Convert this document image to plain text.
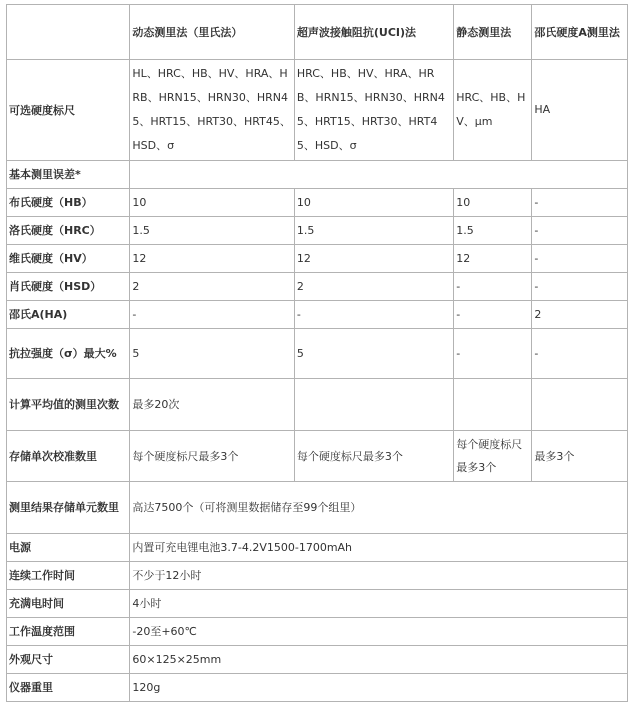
	动态测里法（里氏法）	超声波接触阻抗(UCI)法	静态测里法	邵氏硬度A测里法
可选硬度标尺	HL、HRC、HB、HV、HRA、HRB、HRN15、HRN30、HRN45、HRT15、HRT30、HRT45、HSD、σ	HRC、HB、HV、HRA、HRB、HRN15、HRN30、HRN45、HRT15、HRT30、HRT45、HSD、σ	HRC、HB、HV、μm	HA
基本测里误差*				
布氏硬度（HB）	10	10	10	-
洛氏硬度（HRC）	1.5	1.5	1.5	-
维氏硬度（HV）	12	12	12	-
肖氏硬度（HSD）	2	2	-	-
邵氏A(HA)	-	-	-	2
抗拉强度（σ）最大%	5	5	-	-
计算平均值的测里次数	最多20次			
存储单次校准数里	每个硬度标尺最多3个	每个硬度标尺最多3个	每个硬度标尺最多3个	最多3个
测里结果存储单元数里	高达7500个（可将测里数据储存至99个组里）			
电源	内置可充电锂电池3.7-4.2V1500-1700mAh			
连续工作时间	不少于12小时			
充满电时间	4小时			
工作温度范围	-20至+60℃			
外观尺寸	60×125×25mm			
仪器重里	120g			
